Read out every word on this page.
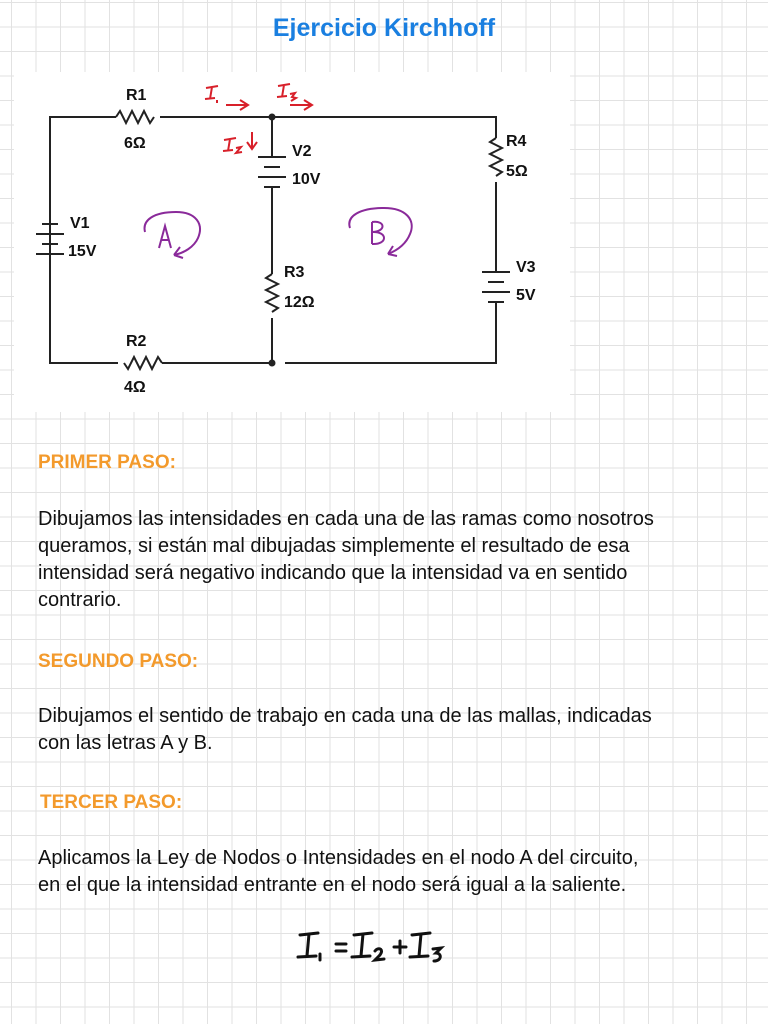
Ejercicio Kirchhoff
R1
6Ω
R2
4Ω
R3
12Ω
R4
5Ω
V1
15V
V2
10V
V3
5V
PRIMER PASO:
Dibujamos las intensidades en cada una de las ramas como nosotros
queramos, si están mal dibujadas simplemente el resultado de esa
intensidad será negativo indicando que la intensidad va en sentido
contrario.
SEGUNDO PASO:
Dibujamos el sentido de trabajo en cada una de las mallas, indicadas
con las letras A y B.
TERCER PASO:
Aplicamos la Ley de Nodos o Intensidades en el nodo A del circuito,
en el que la intensidad entrante en el nodo será igual a la saliente.
